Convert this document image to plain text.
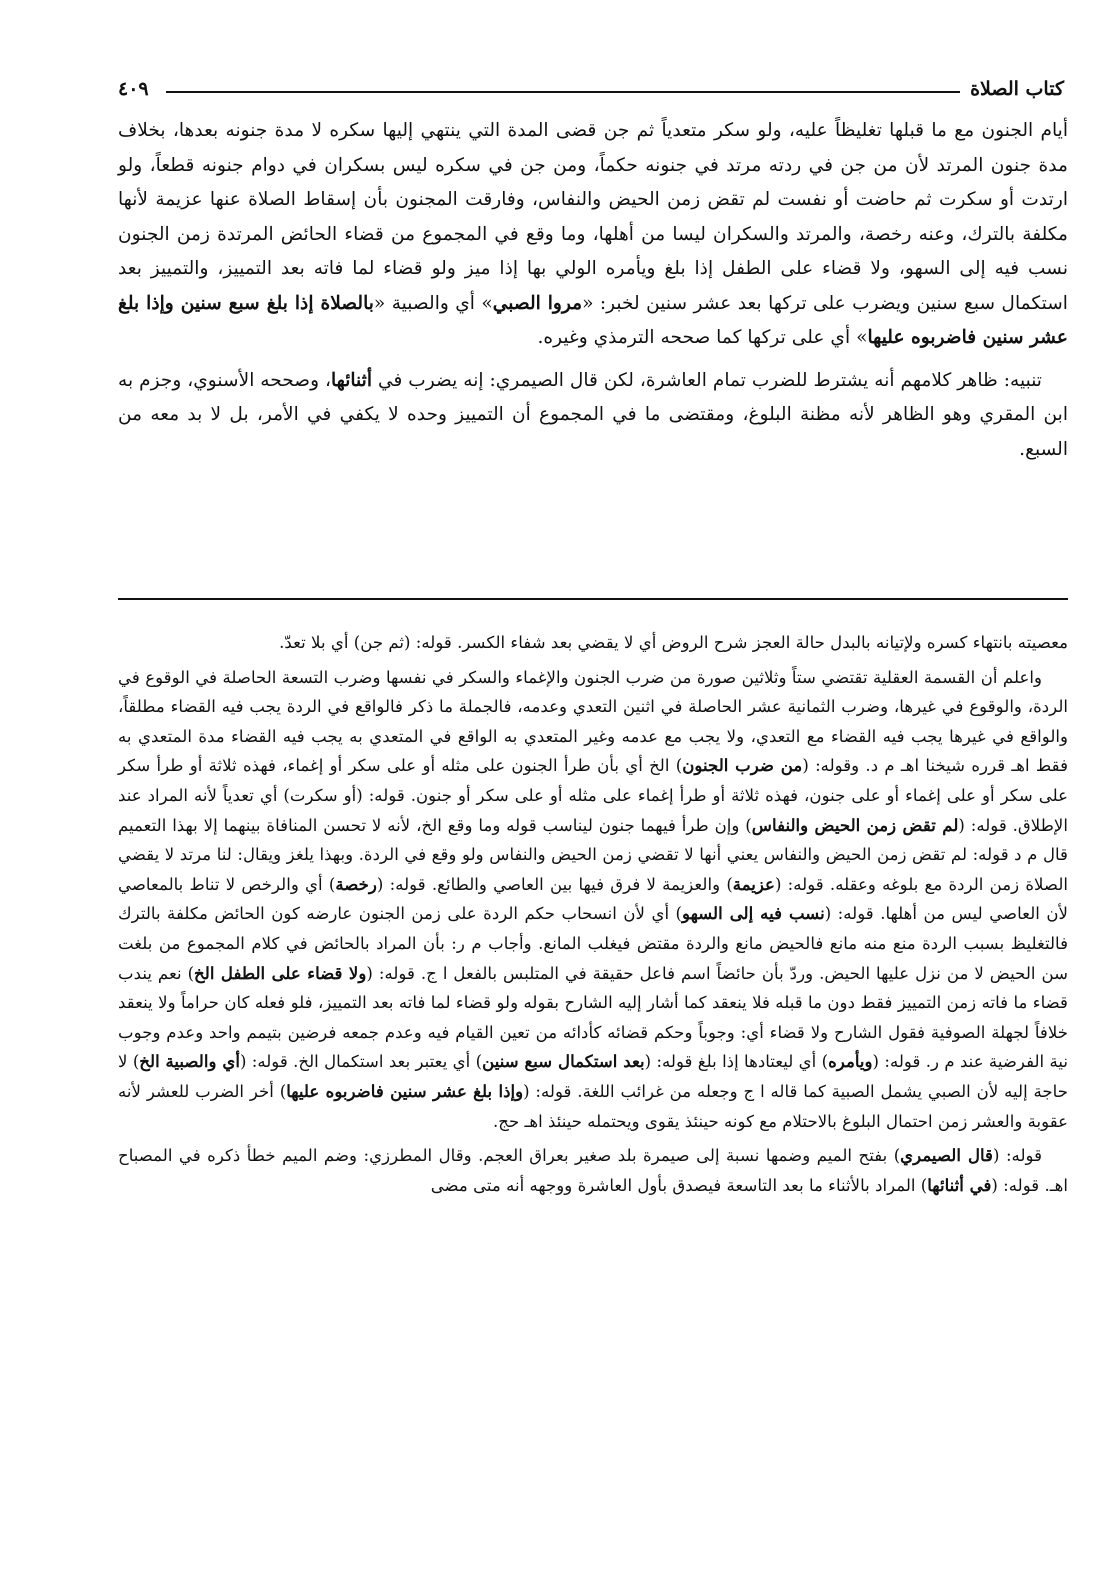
كتاب الصلاة
٤٠٩

أيام الجنون مع ما قبلها تغليظاً عليه، ولو سكر متعدياً ثم جن قضى المدة التي ينتهي إليها سكره لا مدة جنونه بعدها، بخلاف مدة جنون المرتد لأن من جن في ردته مرتد في جنونه حكماً، ومن جن في سكره ليس بسكران في دوام جنونه قطعاً، ولو ارتدت أو سكرت ثم حاضت أو نفست لم تقض زمن الحيض والنفاس، وفارقت المجنون بأن إسقاط الصلاة عنها عزيمة لأنها مكلفة بالترك، وعنه رخصة، والمرتد والسكران ليسا من أهلها، وما وقع في المجموع من قضاء الحائض المرتدة زمن الجنون نسب فيه إلى السهو، ولا قضاء على الطفل إذا بلغ ويأمره الولي بها إذا ميز ولو قضاء لما فاته بعد التمييز، والتمييز بعد استكمال سبع سنين ويضرب على تركها بعد عشر سنين لخبر: « مروا الصبي » أي والصبية « بالصلاة إذا بلغ سبع سنين وإذا بلغ عشر سنين فاضربوه عليها » أي على تركها كما صححه الترمذي وغيره.

تنبيه: ظاهر كلامهم أنه يشترط للضرب تمام العاشرة، لكن قال الصيمري: إنه يضرب في أثنائها، وصححه الأسنوي، وجزم به ابن المقري وهو الظاهر لأنه مظنة البلوغ، ومقتضى ما في المجموع أن التمييز وحده لا يكفي في الأمر، بل لا بد معه من السبع.

معصيته بانتهاء كسره ولإتيانه بالبدل حالة العجز شرح الروض أي لا يقضي بعد شفاء الكسر. قوله: (ثم جن) أي بلا تعدّ.

واعلم أن القسمة العقلية تقتضي ستاً وثلاثين صورة من ضرب الجنون والإغماء والسكر في نفسها وضرب التسعة الحاصلة في الوقوع في الردة، والوقوع في غيرها، وضرب الثمانية عشر الحاصلة في اثنين التعدي وعدمه، فالجملة ما ذكر فالواقع في الردة يجب فيه القضاء مطلقاً، والواقع في غيرها يجب فيه القضاء مع التعدي، ولا يجب مع عدمه وغير المتعدي به الواقع في المتعدي به يجب فيه القضاء مدة المتعدي به فقط اهـ قرره شيخنا اهـ م د. وقوله: ( من ضرب الجنون ) الخ أي بأن طرأ الجنون على مثله أو على سكر أو إغماء، فهذه ثلاثة أو طرأ سكر على سكر أو على إغماء أو على جنون، فهذه ثلاثة أو طرأ إغماء على مثله أو على سكر أو جنون. قوله: (أو سكرت) أي تعدياً لأنه المراد عند الإطلاق. قوله: ( لم تقض زمن الحيض والنفاس ) وإن طرأ فيهما جنون ليناسب قوله وما وقع الخ، لأنه لا تحسن المنافاة بينهما إلا بهذا التعميم قال م د قوله: لم تقض زمن الحيض والنفاس يعني أنها لا تقضي زمن الحيض والنفاس ولو وقع في الردة. وبهذا يلغز ويقال: لنا مرتد لا يقضي الصلاة زمن الردة مع بلوغه وعقله. قوله: ( عزيمة ) والعزيمة لا فرق فيها بين العاصي والطائع. قوله: ( رخصة ) أي والرخص لا تناط بالمعاصي لأن العاصي ليس من أهلها. قوله: ( نسب فيه إلى السهو ) أي لأن انسحاب حكم الردة على زمن الجنون عارضه كون الحائض مكلفة بالترك فالتغليظ بسبب الردة منع منه مانع فالحيض مانع والردة مقتض فيغلب المانع. وأجاب م ر: بأن المراد بالحائض في كلام المجموع من بلغت سن الحيض لا من نزل عليها الحيض. وردّ بأن حائضاً اسم فاعل حقيقة في المتلبس بالفعل ا ج. قوله: ( ولا قضاء على الطفل الخ ) نعم يندب قضاء ما فاته زمن التمييز فقط دون ما قبله فلا ينعقد كما أشار إليه الشارح بقوله ولو قضاء لما فاته بعد التمييز، فلو فعله كان حراماً ولا ينعقد خلافاً لجهلة الصوفية فقول الشارح ولا قضاء أي: وجوباً وحكم قضائه كأدائه من تعين القيام فيه وعدم جمعه فرضين بتيمم واحد وعدم وجوب نية الفرضية عند م ر. قوله: ( ويأمره ) أي ليعتادها إذا بلغ قوله: ( بعد استكمال سبع سنين ) أي يعتبر بعد استكمال الخ. قوله: ( أي والصبية الخ ) لا حاجة إليه لأن الصبي يشمل الصبية كما قاله ا ج وجعله من غرائب اللغة. قوله: ( وإذا بلغ عشر سنين فاضربوه عليها ) أخر الضرب للعشر لأنه عقوبة والعشر زمن احتمال البلوغ بالاحتلام مع كونه حينئذ يقوى ويحتمله حينئذ اهـ حج.

قوله: ( قال الصيمري ) بفتح الميم وضمها نسبة إلى صيمرة بلد صغير بعراق العجم. وقال المطرزي: وضم الميم خطأ ذكره في المصباح اهـ. قوله: ( في أثنائها ) المراد بالأثناء ما بعد التاسعة فيصدق بأول العاشرة ووجهه أنه متى مضى
